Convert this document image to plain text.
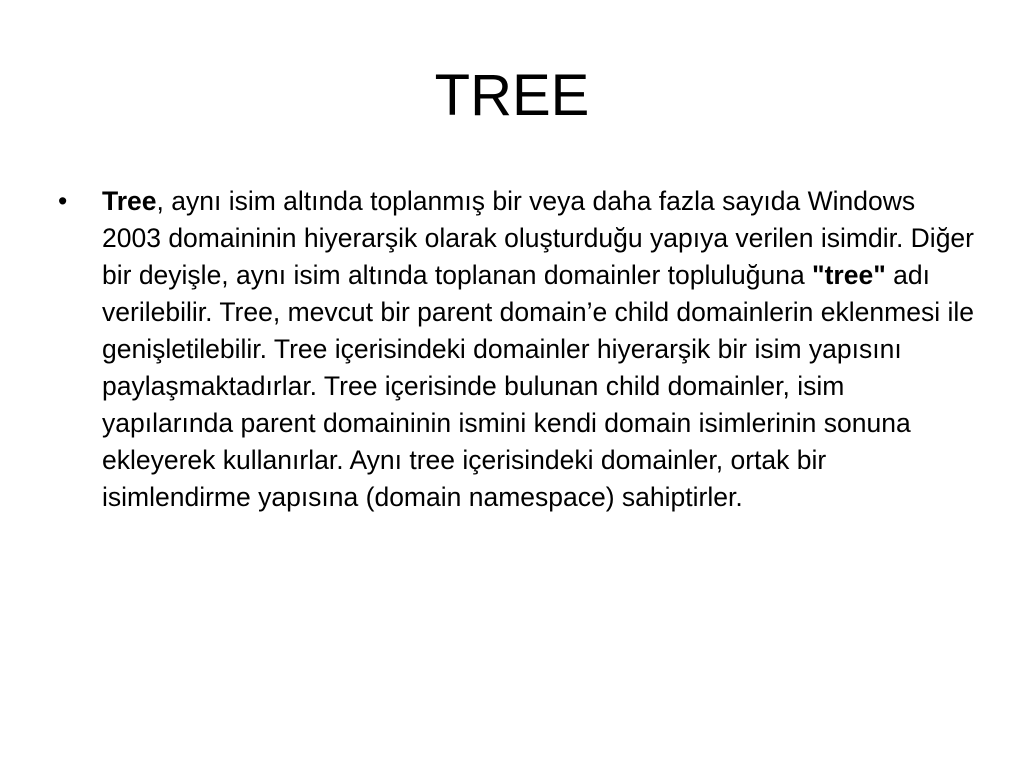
TREE
• Tree, aynı isim altında toplanmış bir veya daha fazla sayıda Windows 2003 domaininin hiyerarşik olarak oluşturduğu yapıya verilen isimdir. Diğer bir deyişle, aynı isim altında toplanan domainler topluluğuna "tree" adı verilebilir. Tree, mevcut bir parent domain’e child domainlerin eklenmesi ile genişletilebilir. Tree içerisindeki domainler hiyerarşik bir isim yapısını paylaşmaktadırlar. Tree içerisinde bulunan child domainler, isim yapılarında parent domaininin ismini kendi domain isimlerinin sonuna ekleyerek kullanırlar. Aynı tree içerisindeki domainler, ortak bir isimlendirme yapısına (domain namespace) sahiptirler.
